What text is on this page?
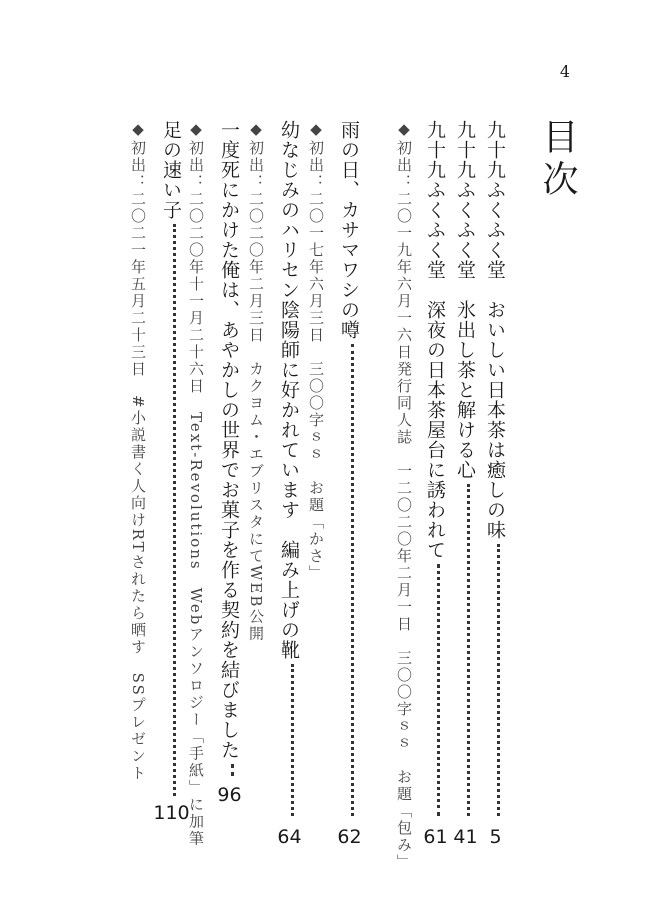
4
目次
九十九ふくふく堂　おいしい日本茶は癒しの味
5
九十九ふくふく堂　氷出し茶と解ける心
41
九十九ふくふく堂　深夜の日本茶屋台に誘われて
61
◆初出：二〇一九年六月一六日発行同人誌　一二〇二〇年二月一日　三〇〇字ｓｓ　お題「包み」
雨の日、カサマワシの噂
62
◆初出：二〇一七年六月三日　三〇〇字ｓｓ　お題「かさ」
幼なじみのハリセン陰陽師に好かれています　編み上げの靴
64
◆初出：二〇二〇年二月三日　カクヨム・エブリスタにてWEB公開
一度死にかけた俺は、あやかしの世界でお菓子を作る契約を結びました
96
◆初出：二〇二〇年十一月二十六日　Text-Revolutions　Webアンソロジー「手紙」に加筆
足の速い子
110
◆初出：二〇二一年五月二十三日　#小説書く人向けRTされたら晒す　SSプレゼント
